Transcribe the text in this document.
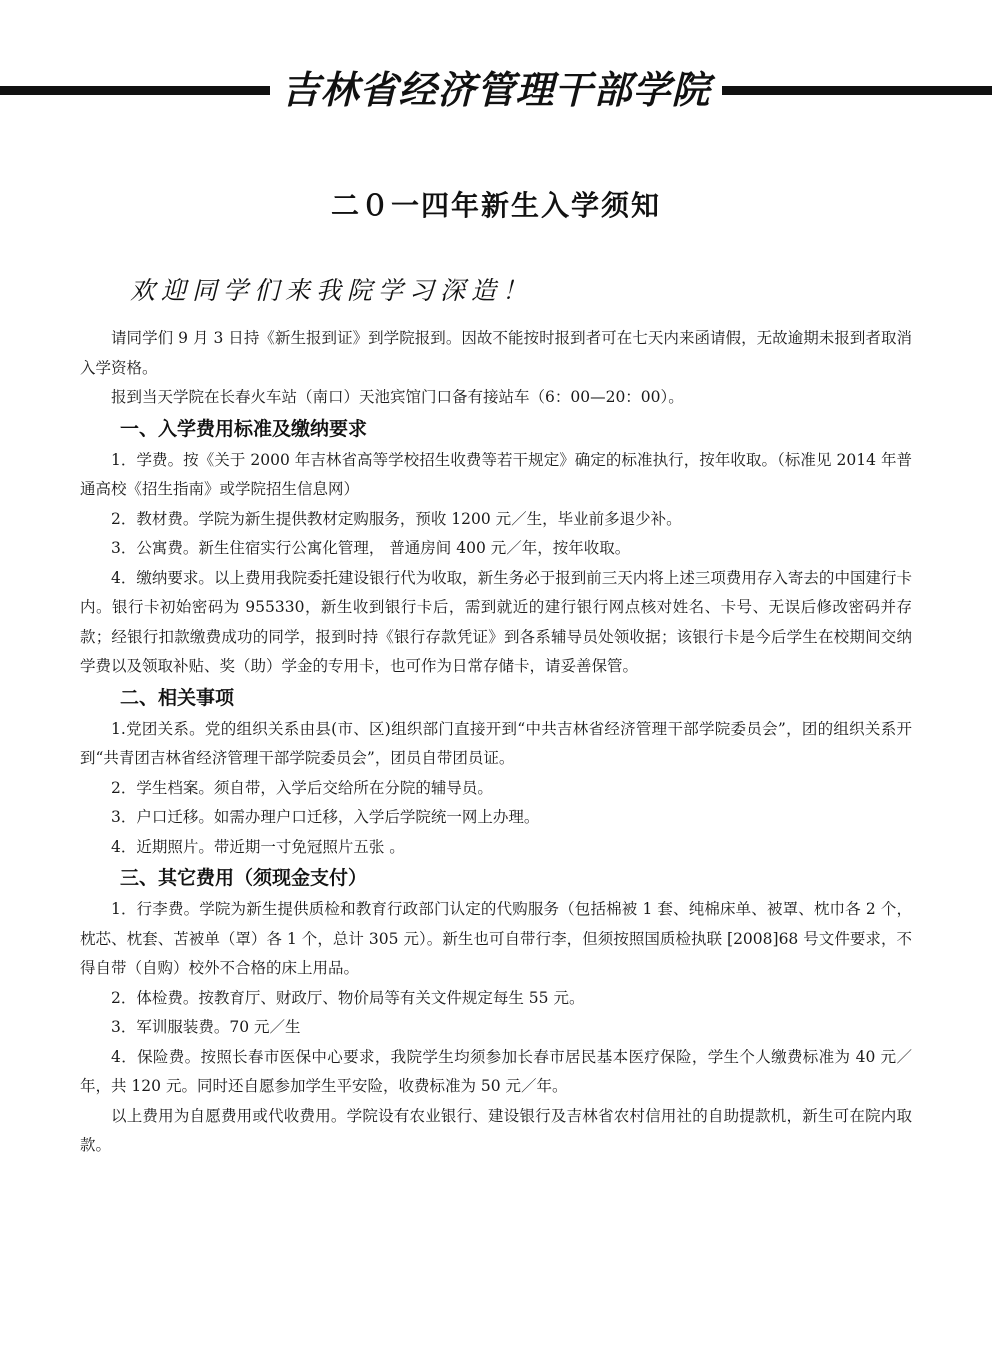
吉林省经济管理干部学院
二０一四年新生入学须知
欢迎同学们来我院学习深造！

请同学们 9 月 3 日持《新生报到证》到学院报到。因故不能按时报到者可在七天内来函请假，无故逾期未报到者取消入学资格。

报到当天学院在长春火车站（南口）天池宾馆门口备有接站车（6：00—20：00）。

一、入学费用标准及缴纳要求

1．学费。按《关于 2000 年吉林省高等学校招生收费等若干规定》确定的标准执行，按年收取。（标准见 2014 年普通高校《招生指南》或学院招生信息网）

2．教材费。学院为新生提供教材定购服务，预收 1200 元／生，毕业前多退少补。

3．公寓费。新生住宿实行公寓化管理， 普通房间 400 元／年，按年收取。

4．缴纳要求。以上费用我院委托建设银行代为收取，新生务必于报到前三天内将上述三项费用存入寄去的中国建行卡内。银行卡初始密码为 955330，新生收到银行卡后，需到就近的建行银行网点核对姓名、卡号、无误后修改密码并存款；经银行扣款缴费成功的同学，报到时持《银行存款凭证》到各系辅导员处领收据；该银行卡是今后学生在校期间交纳学费以及领取补贴、奖（助）学金的专用卡，也可作为日常存储卡，请妥善保管。

二、相关事项

1.党团关系。党的组织关系由县(市、区)组织部门直接开到“中共吉林省经济管理干部学院委员会”，团的组织关系开到“共青团吉林省经济管理干部学院委员会”，团员自带团员证。

2．学生档案。须自带，入学后交给所在分院的辅导员。

3．户口迁移。如需办理户口迁移，入学后学院统一网上办理。

4．近期照片。带近期一寸免冠照片五张 。

三、其它费用（须现金支付）

1．行李费。学院为新生提供质检和教育行政部门认定的代购服务（包括棉被 1 套、纯棉床单、被罩、枕巾各 2 个，枕芯、枕套、苫被单（罩）各 1 个，总计 305 元）。新生也可自带行李，但须按照国质检执联 [2008]68 号文件要求，不得自带（自购）校外不合格的床上用品。

2．体检费。按教育厅、财政厅、物价局等有关文件规定每生 55 元。

3．军训服装费。70 元／生

4．保险费。按照长春市医保中心要求，我院学生均须参加长春市居民基本医疗保险，学生个人缴费标准为 40 元／年，共 120 元。同时还自愿参加学生平安险，收费标准为 50 元／年。

以上费用为自愿费用或代收费用。学院设有农业银行、建设银行及吉林省农村信用社的自助提款机，新生可在院内取款。
